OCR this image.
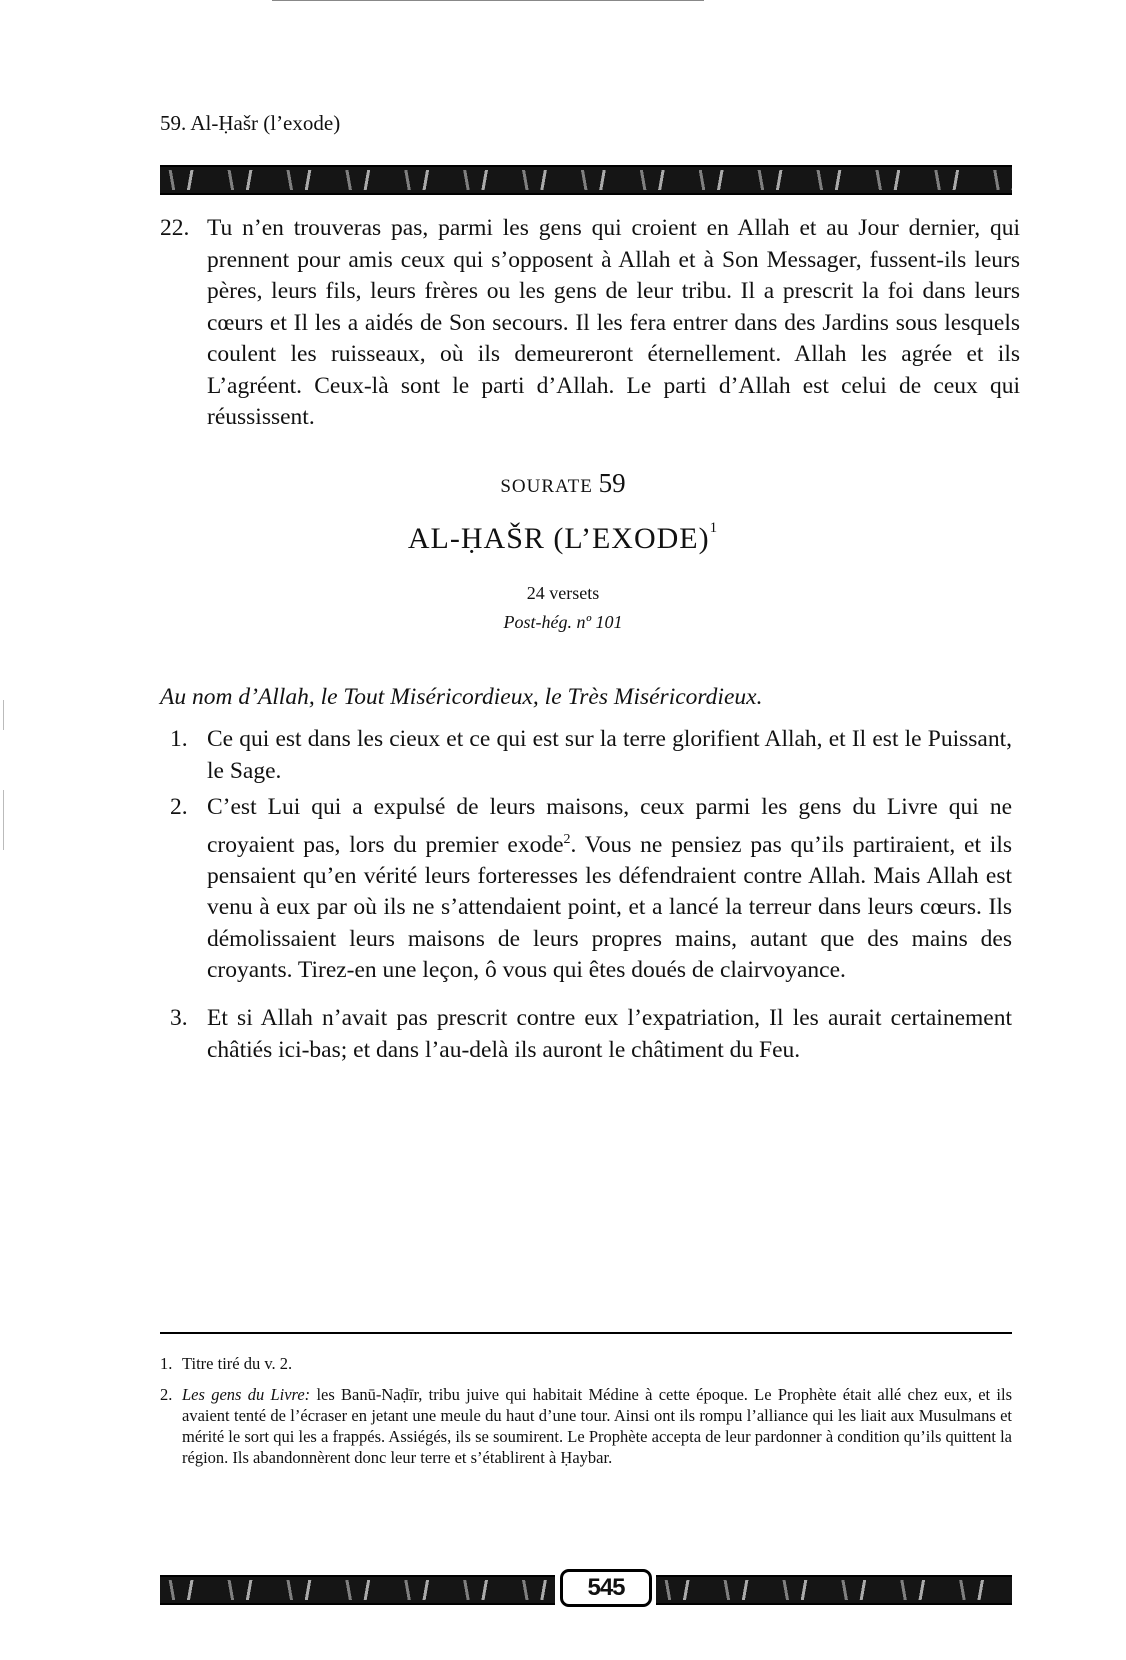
59. Al-Ḥašr (l’exode)
22. Tu n’en trouveras pas, parmi les gens qui croient en Allah et au Jour dernier, qui prennent pour amis ceux qui s’opposent à Allah et à Son Messager, fussent-ils leurs pères, leurs fils, leurs frères ou les gens de leur tribu. Il a prescrit la foi dans leurs cœurs et Il les a aidés de Son secours. Il les fera entrer dans des Jardins sous lesquels coulent les ruisseaux, où ils demeureront éternellement. Allah les agrée et ils L’agréent. Ceux-là sont le parti d’Allah. Le parti d’Allah est celui de ceux qui réussissent.
SOURATE 59
AL-ḤAŠR (L’EXODE)$^1$
24 versets
Post-hég. nº 101
Au nom d’Allah, le Tout Miséricordieux, le Très Miséricordieux.
1. Ce qui est dans les cieux et ce qui est sur la terre glorifient Allah, et Il est le Puissant, le Sage.
2. C’est Lui qui a expulsé de leurs maisons, ceux parmi les gens du Livre qui ne croyaient pas, lors du premier exode$^2$. Vous ne pensiez pas qu’ils partiraient, et ils pensaient qu’en vérité leurs forteresses les défendraient contre Allah. Mais Allah est venu à eux par où ils ne s’attendaient point, et a lancé la terreur dans leurs cœurs. Ils démolissaient leurs maisons de leurs propres mains, autant que des mains des croyants. Tirez-en une leçon, ô vous qui êtes doués de clairvoyance.
3. Et si Allah n’avait pas prescrit contre eux l’expatriation, Il les aurait certainement châtiés ici-bas; et dans l’au-delà ils auront le châtiment du Feu.
1. Titre tiré du v. 2.
2. Les gens du Livre: les Banū-Naḍīr, tribu juive qui habitait Médine à cette époque. Le Prophète était allé chez eux, et ils avaient tenté de l’écraser en jetant une meule du haut d’une tour. Ainsi ont ils rompu l’alliance qui les liait aux Musulmans et mérité le sort qui les a frappés. Assiégés, ils se soumirent. Le Prophète accepta de leur pardonner à condition qu’ils quittent la région. Ils abandonnèrent donc leur terre et s’établirent à Ḥaybar.
545
